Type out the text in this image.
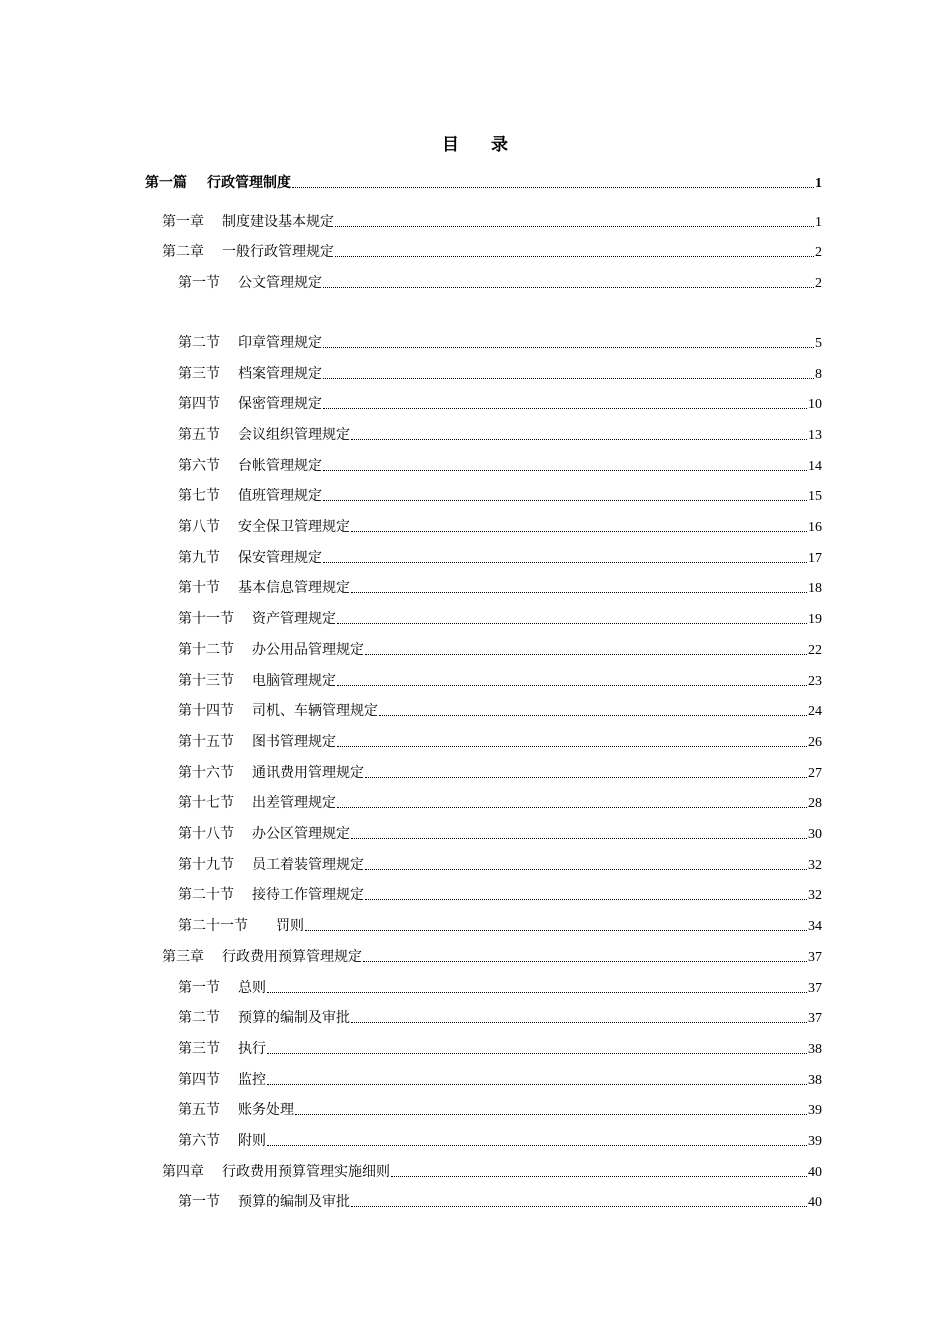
目 录
第一篇 行政管理制度	1
第一章 制度建设基本规定	1
第二章 一般行政管理规定	2
第一节 公文管理规定	2
第二节 印章管理规定	5
第三节 档案管理规定	8
第四节 保密管理规定	10
第五节 会议组织管理规定	13
第六节 台帐管理规定	14
第七节 值班管理规定	15
第八节 安全保卫管理规定	16
第九节 保安管理规定	17
第十节 基本信息管理规定	18
第十一节 资产管理规定	19
第十二节 办公用品管理规定	22
第十三节 电脑管理规定	23
第十四节 司机、车辆管理规定	24
第十五节 图书管理规定	26
第十六节 通讯费用管理规定	27
第十七节 出差管理规定	28
第十八节 办公区管理规定	30
第十九节 员工着装管理规定	32
第二十节 接待工作管理规定	32
第二十一节 罚则	34
第三章 行政费用预算管理规定	37
第一节 总则	37
第二节 预算的编制及审批	37
第三节 执行	38
第四节 监控	38
第五节 账务处理	39
第六节 附则	39
第四章 行政费用预算管理实施细则	40
第一节 预算的编制及审批	40
